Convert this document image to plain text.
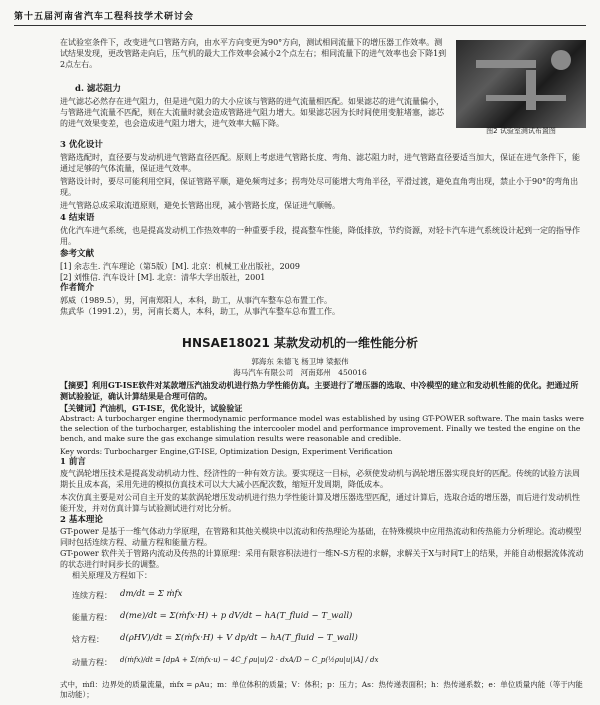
第十五届河南省汽车工程科技学术研讨会
在试验室条件下，改变进气口管路方向，由水平方向变更为90°方向，测试相同流量下的增压器工作效率。测试结果发现，更改管路走向后，压气机的最大工作效率会减小2个点左右；相同流量下的进气效率也会下降1到2点左右。
d. 滤芯阻力
进气滤芯必然存在进气阻力，但是进气阻力的大小应该与管路的进气流量相匹配。如果滤芯的进气流量偏小，与管路进气流量不匹配，则在大流量时就会造成管路进气阻力增大。如果滤芯因为长时间使用变脏堵塞，滤芯的进气效果变差，也会造成进气阻力增大，进气效率大幅下降。
图2 试验室测试布置图
3 优化设计
管路选配时，直径要与发动机进气管路直径匹配。原则上考虑进气管路长度、弯角、滤芯阻力时，进气管路直径要适当加大，保证在进气条件下，能通过足够的气体流量，保证进气效率。
管路设计时，要尽可能利用空间，保证管路平顺，避免频弯过多；拐弯处尽可能增大弯角半径，平滑过渡，避免直角弯出现，禁止小于90°的弯角出现。
进气管路总成采取流道原则，避免长管路出现，减小管路长度，保证进气顺畅。
4 结束语
优化汽车进气系统，也是提高发动机工作热效率的一种重要手段，提高整车性能，降低排放，节约资源，对轻卡汽车进气系统设计起到一定的指导作用。
参考文献
[1] 余志生. 汽车理论（第5版）[M]. 北京：机械工业出版社，2009
[2] 刘惟信. 汽车设计 [M]. 北京：清华大学出版社，2001
作者简介
郭威（1989.5），男，河南郑阳人，本科，助工，从事汽车整车总布置工作。
焦武华（1991.2），男，河南长葛人，本科，助工，从事汽车整车总布置工作。
HNSAE18021 某款发动机的一维性能分析
郭海东 朱德飞 杨卫坤 梁振伟
海马汽车有限公司　河南郑州　450016
【摘要】利用GT-ISE软件对某款增压汽油发动机进行热力学性能仿真。主要进行了增压器的选取、中冷模型的建立和发动机性能的优化。把通过所测试验验证，确认计算结果是合理可信的。
【关键词】汽油机，GT-ISE，优化设计，试验验证
Abstract: A turbocharger engine thermodynamic performance model was established by using GT-POWER software. The main tasks were the selection of the turbocharger, establishing the intercooler model and performance improvement. Finally we tested the engine on the bench, and make sure the gas exchange simulation results were reasonable and credible.
Key words: Turbocharger Engine,GT-ISE, Optimization Design, Experiment Verification
1 前言
废气涡轮增压技术是提高发动机动力性、经济性的一种有效方法。要实现这一目标，必须使发动机与涡轮增压器实现良好的匹配。传统的试验方法周期长且成本高，采用先进的模拟仿真技术可以大大减小匹配次数，缩短开发周期，降低成本。
本次仿真主要是对公司自主开发的某款涡轮增压发动机进行热力学性能计算及增压器选型匹配，通过计算后，选取合适的增压器，而后进行发动机性能开发，并对仿真计算与试验测试进行对比分析。
2 基本理论
GT-power 是基于一维气体动力学原理，在管路和其他关模块中以流动和传热理论为基础，在特殊模块中应用热流动和传热能力分析理论。流动模型同时包括连续方程、动量方程和能量方程。
GT-power 软件关于管路内流动及传热的计算原理：采用有限容积法进行一维N-S方程的求解，求解关于X与时间T上的结果，并能自动根据流体流动的状态进行时间步长的调整。
相关原理及方程如下：
连续方程： dm/dt = Σ ṁfx
能量方程： d(me)/dt = Σ(ṁfx·H) + p dV/dt − hA(T_fluid − T_wall)
焓方程： d(ρHV)/dt = Σ(ṁfx·H) + V dp/dt − hA(T_fluid − T_wall)
动量方程： d(ṁfx)/dt = [dpA + Σ(ṁfx·u) − 4C_f ρu|u|/2 · dxA/D − C_p(½ρu|u|)A] / dx
式中，ṁfl：边界处的质量流量，ṁfx = ρAu；m：单位体积的质量；V：体积；p：压力；As：热传递表面积；h：热传递系数；e：单位质量内能（等于内能加动能）；
